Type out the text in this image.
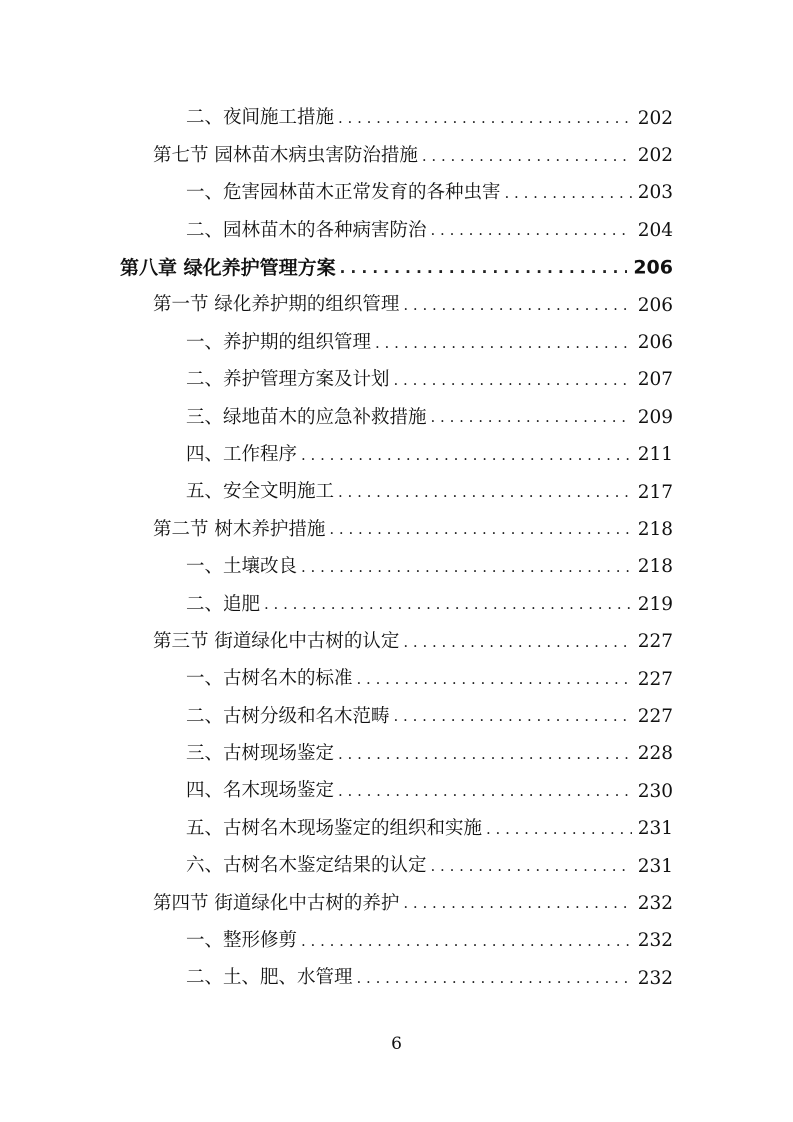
二、夜间施工措施 . . .	202
第七节 园林苗木病虫害防治措施 . . .	202
一、危害园林苗木正常发育的各种虫害 . . .	203
二、园林苗木的各种病害防治 . . .	204
第八章 绿化养护管理方案 . . .	206
第一节 绿化养护期的组织管理 . . .	206
一、养护期的组织管理 . . .	206
二、养护管理方案及计划 . . .	207
三、绿地苗木的应急补救措施 . . .	209
四、工作程序 . . .	211
五、安全文明施工 . . .	217
第二节 树木养护措施 . . .	218
一、土壤改良 . . .	218
二、追肥 . . .	219
第三节 街道绿化中古树的认定 . . .	227
一、古树名木的标准 . . .	227
二、古树分级和名木范畴 . . .	227
三、古树现场鉴定 . . .	228
四、名木现场鉴定 . . .	230
五、古树名木现场鉴定的组织和实施 . . .	231
六、古树名木鉴定结果的认定 . . .	231
第四节 街道绿化中古树的养护 . . .	232
一、整形修剪 . . .	232
二、土、肥、水管理 . . .	232
6
